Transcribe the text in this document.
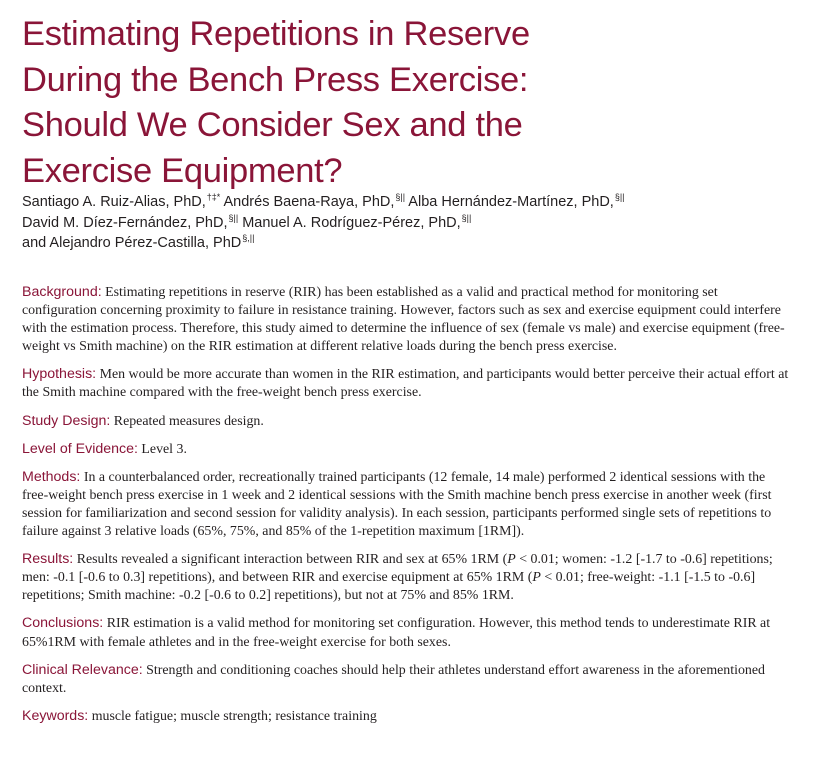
Estimating Repetitions in Reserve
During the Bench Press Exercise:
Should We Consider Sex and the
Exercise Equipment?
Santiago A. Ruiz-Alias, PhD,†‡* Andrés Baena-Raya, PhD,§|| Alba Hernández-Martínez, PhD,§||
David M. Díez-Fernández, PhD,§|| Manuel A. Rodríguez-Pérez, PhD,§||
and Alejandro Pérez-Castilla, PhD§,||

Background: Estimating repetitions in reserve (RIR) has been established as a valid and practical method for monitoring set configuration concerning proximity to failure in resistance training. However, factors such as sex and exercise equipment could interfere with the estimation process. Therefore, this study aimed to determine the influence of sex (female vs male) and exercise equipment (free-weight vs Smith machine) on the RIR estimation at different relative loads during the bench press exercise.

Hypothesis: Men would be more accurate than women in the RIR estimation, and participants would better perceive their actual effort at the Smith machine compared with the free-weight bench press exercise.

Study Design: Repeated measures design.

Level of Evidence: Level 3.

Methods: In a counterbalanced order, recreationally trained participants (12 female, 14 male) performed 2 identical sessions with the free-weight bench press exercise in 1 week and 2 identical sessions with the Smith machine bench press exercise in another week (first session for familiarization and second session for validity analysis). In each session, participants performed single sets of repetitions to failure against 3 relative loads (65%, 75%, and 85% of the 1-repetition maximum [1RM]).

Results: Results revealed a significant interaction between RIR and sex at 65% 1RM (P < 0.01; women: -1.2 [-1.7 to -0.6] repetitions; men: -0.1 [-0.6 to 0.3] repetitions), and between RIR and exercise equipment at 65% 1RM (P < 0.01; free-weight: -1.1 [-1.5 to -0.6] repetitions; Smith machine: -0.2 [-0.6 to 0.2] repetitions), but not at 75% and 85% 1RM.

Conclusions: RIR estimation is a valid method for monitoring set configuration. However, this method tends to underestimate RIR at 65%1RM with female athletes and in the free-weight exercise for both sexes.

Clinical Relevance: Strength and conditioning coaches should help their athletes understand effort awareness in the aforementioned context.

Keywords: muscle fatigue; muscle strength; resistance training
